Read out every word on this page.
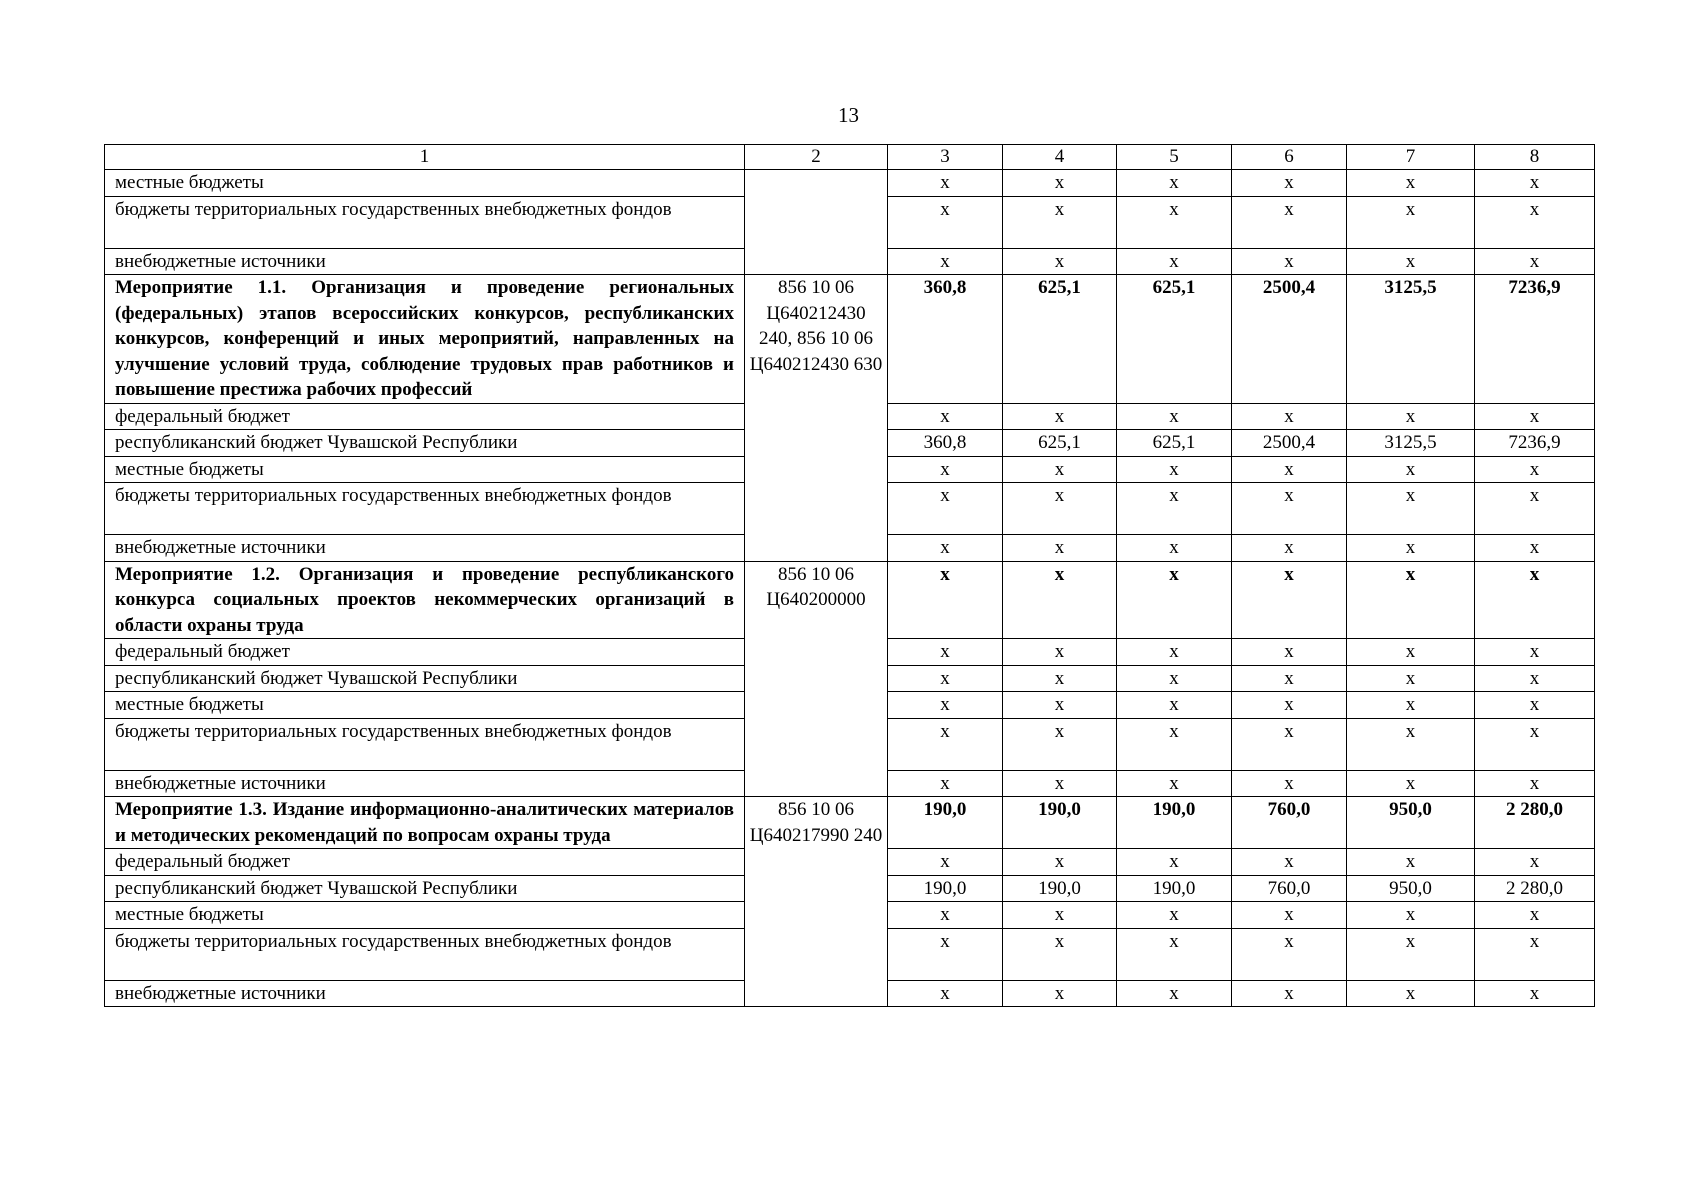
13
1	2	3	4	5	6	7	8
местные бюджеты		х	х	х	х	х	х
бюджеты территориальных государственных внебюджетных фондов		х	х	х	х	х	х
внебюджетные источники		х	х	х	х	х	х
Мероприятие 1.1. Организация и проведение региональных (федеральных) этапов всероссийских конкурсов, республиканских конкурсов, конференций и иных мероприятий, направленных на улучшение условий труда, соблюдение трудовых прав работников и повышение престижа рабочих профессий	856 10 06 Ц640212430 240, 856 10 06 Ц640212430 630	360,8	625,1	625,1	2500,4	3125,5	7236,9
федеральный бюджет		х	х	х	х	х	х
республиканский бюджет Чувашской Республики		360,8	625,1	625,1	2500,4	3125,5	7236,9
местные бюджеты		х	х	х	х	х	х
бюджеты территориальных государственных внебюджетных фондов		х	х	х	х	х	х
внебюджетные источники		х	х	х	х	х	х
Мероприятие 1.2. Организация и проведение республиканского конкурса социальных проектов некоммерческих организаций в области охраны труда	856 10 06 Ц640200000	х	х	х	х	х	х
федеральный бюджет		х	х	х	х	х	х
республиканский бюджет Чувашской Республики		х	х	х	х	х	х
местные бюджеты		х	х	х	х	х	х
бюджеты территориальных государственных внебюджетных фондов		х	х	х	х	х	х
внебюджетные источники		х	х	х	х	х	х
Мероприятие 1.3. Издание информационно-аналитических материалов и методических рекомендаций по вопросам охраны труда	856 10 06 Ц640217990 240	190,0	190,0	190,0	760,0	950,0	2 280,0
федеральный бюджет		х	х	х	х	х	х
республиканский бюджет Чувашской Республики		190,0	190,0	190,0	760,0	950,0	2 280,0
местные бюджеты		х	х	х	х	х	х
бюджеты территориальных государственных внебюджетных фондов		х	х	х	х	х	х
внебюджетные источники		х	х	х	х	х	х
